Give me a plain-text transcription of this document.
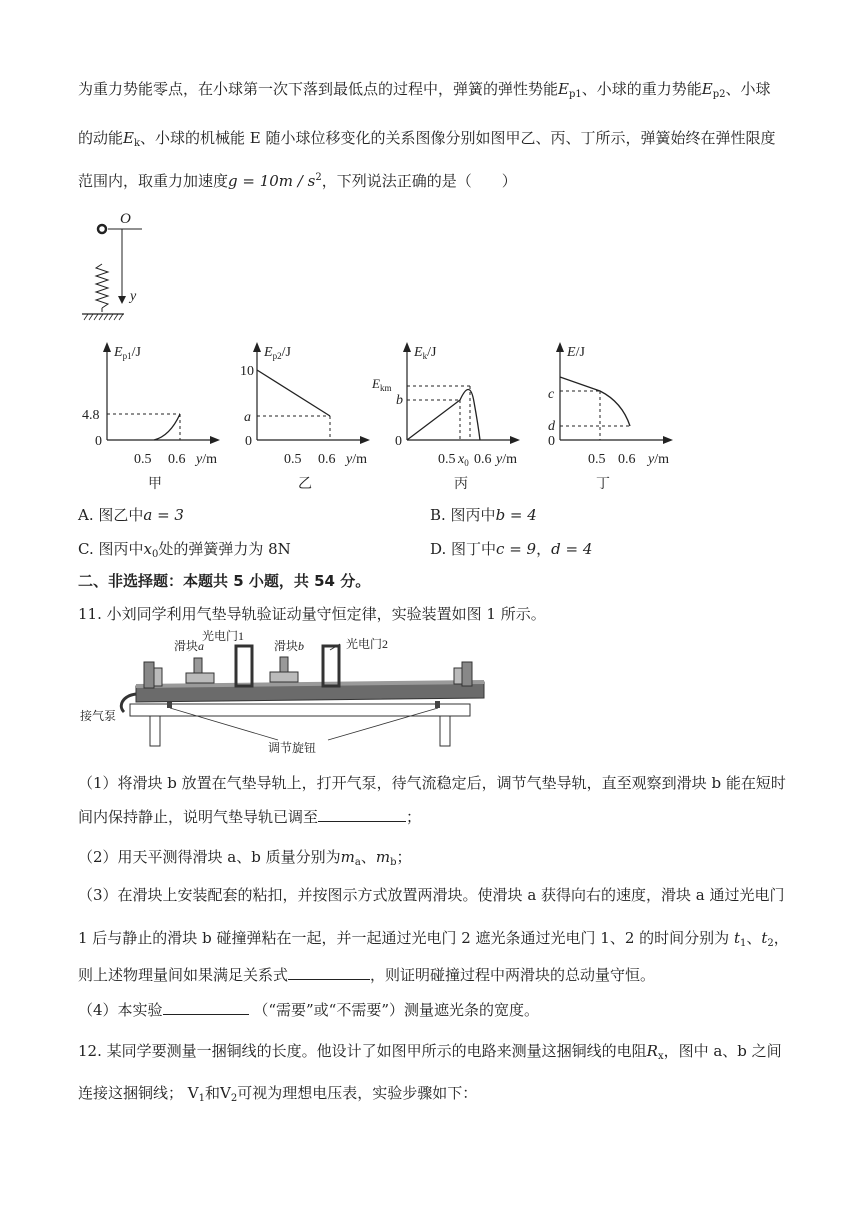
为重力势能零点，在小球第一次下落到最低点的过程中，弹簧的弹性势能$E_{p1}$、小球的重力势能$E_{p2}$、小球
的动能$E_k$、小球的机械能 E 随小球位移变化的关系图像分别如图甲乙、丙、丁所示，弹簧始终在弹性限度
范围内，取重力加速度$g = 10m / s^2$，下列说法正确的是（　　）
O
y
$E_{p1}/J$
4.8
0
0.5 0.6 y/m
甲
$E_{p2}/J$
10
a
0
0.5 0.6 y/m
乙
$E_k/J$
$E_{km}$
b
0
0.5 $x_0$ 0.6 y/m
丙
E/J
c
d
0
0.5 0.6 y/m
丁
A. 图乙中a = 3	B. 图丙中b = 4
C. 图丙中$x_0$处的弹簧弹力为 8N	D. 图丁中c = 9，d = 4
二、非选择题：本题共 5 小题，共 54 分。
11. 小刘同学利用气垫导轨验证动量守恒定律，实验装置如图 1 所示。
滑块a
光电门1
滑块b	光电门2
接气泵
调节旋钮
（1）将滑块 b 放置在气垫导轨上，打开气泵，待气流稳定后，调节气垫导轨，直至观察到滑块 b 能在短时
间内保持静止，说明气垫导轨已调至	；
（2）用天平测得滑块 a、b 质量分别为$m_a$、$m_b$；
（3）在滑块上安装配套的粘扣，并按图示方式放置两滑块。使滑块 a 获得向右的速度，滑块 a 通过光电门
1 后与静止的滑块 b 碰撞弹粘在一起，并一起通过光电门 2 遮光条通过光电门 1、2 的时间分别为 $t_1$、$t_2$，
则上述物理量间如果满足关系式	，则证明碰撞过程中两滑块的总动量守恒。
（4）本实验	（“需要”或“不需要”）测量遮光条的宽度。
12. 某同学要测量一捆铜线的长度。他设计了如图甲所示的电路来测量这捆铜线的电阻$R_x$，图中 a、b 之间
连接这捆铜线； $V_1$和$V_2$可视为理想电压表，实验步骤如下：
